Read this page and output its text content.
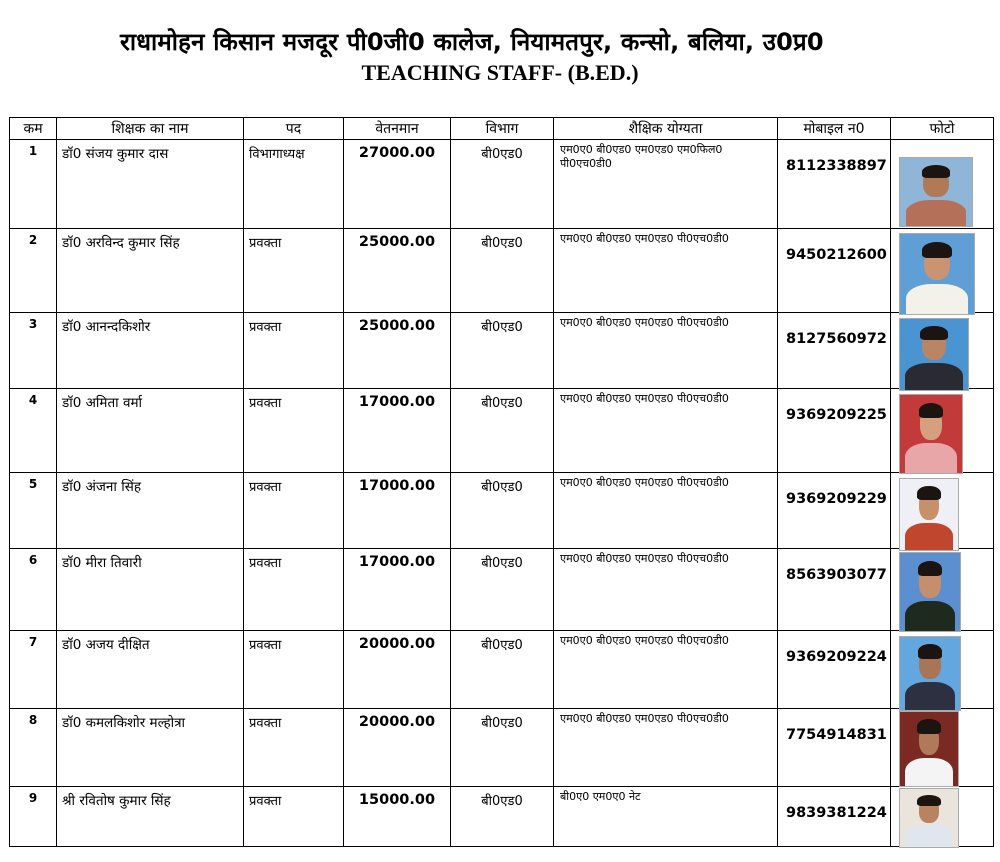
राधामोहन किसान मजदूर पी0जी0 कालेज, नियामतपुर, कन्सो, बलिया, उ0प्र0
TEACHING STAFF- (B.ED.)
कम	शिक्षक का नाम	पद	वेतनमान	विभाग	शैक्षिक योग्यता	मोबाइल न0	फोटो
1	डॉ0 संजय कुमार दास	विभागाध्यक्ष	27000.00	बी0एड0	एम0ए0 बी0एड0 एम0एड0 एम0फिल0 पी0एच0डी0	8112338897	

2	डॉ0 अरविन्द कुमार सिंह	प्रवक्ता	25000.00	बी0एड0	एम0ए0 बी0एड0 एम0एड0 पी0एच0डी0	9450212600	

3	डॉ0 आनन्दकिशोर	प्रवक्ता	25000.00	बी0एड0	एम0ए0 बी0एड0 एम0एड0 पी0एच0डी0	8127560972	

4	डॉ0 अमिता वर्मा	प्रवक्ता	17000.00	बी0एड0	एम0ए0 बी0एड0 एम0एड0 पी0एच0डी0	9369209225	

5	डॉ0 अंजना सिंह	प्रवक्ता	17000.00	बी0एड0	एम0ए0 बी0एड0 एम0एड0 पी0एच0डी0	9369209229	

6	डॉ0 मीरा तिवारी	प्रवक्ता	17000.00	बी0एड0	एम0ए0 बी0एड0 एम0एड0 पी0एच0डी0	8563903077	

7	डॉ0 अजय दीक्षित	प्रवक्ता	20000.00	बी0एड0	एम0ए0 बी0एड0 एम0एड0 पी0एच0डी0	9369209224	

8	डॉ0 कमलकिशोर मल्होत्रा	प्रवक्ता	20000.00	बी0एड0	एम0ए0 बी0एड0 एम0एड0 पी0एच0डी0	7754914831	

9	श्री रवितोष कुमार सिंह	प्रवक्ता	15000.00	बी0एड0	बी0ए0 एम0ए0 नेट	9839381224	
